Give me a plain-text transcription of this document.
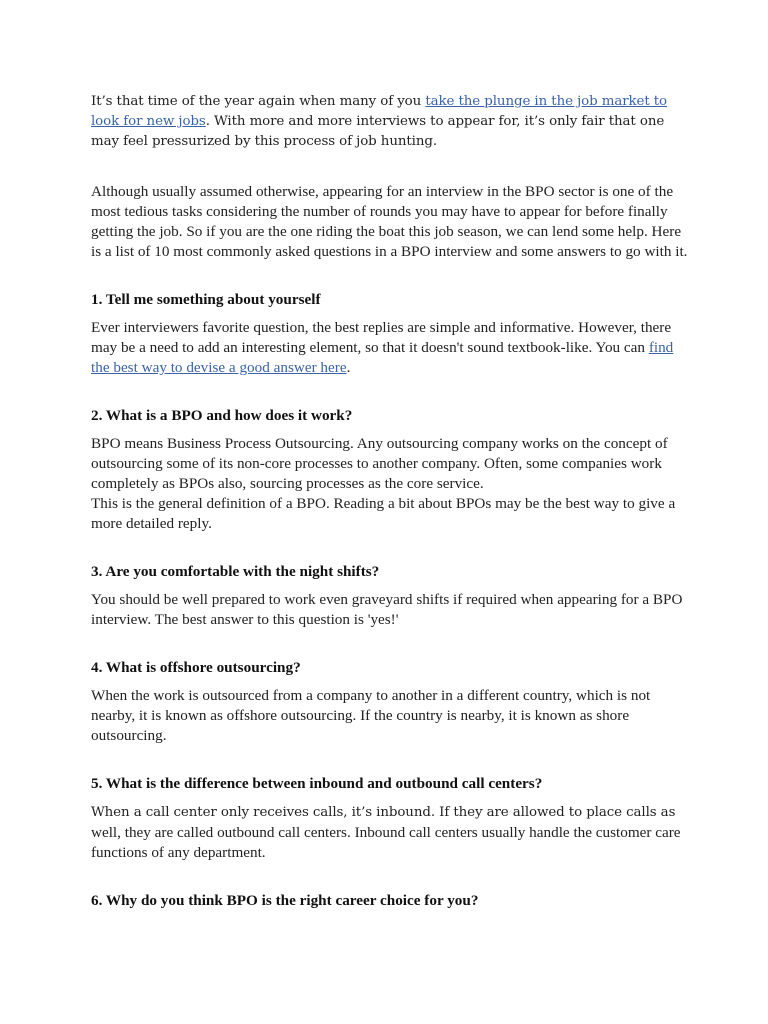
It’s that time of the year again when many of you take the plunge in the job market to look for new jobs. With more and more interviews to appear for, it’s only fair that one may feel pressurized by this process of job hunting.

Although usually assumed otherwise, appearing for an interview in the BPO sector is one of the most tedious tasks considering the number of rounds you may have to appear for before finally getting the job. So if you are the one riding the boat this job season, we can lend some help. Here is a list of 10 most commonly asked questions in a BPO interview and some answers to go with it.

1. Tell me something about yourself

Ever interviewers favorite question, the best replies are simple and informative. However, there may be a need to add an interesting element, so that it doesn't sound textbook-like. You can find the best way to devise a good answer here.

2. What is a BPO and how does it work?

BPO means Business Process Outsourcing. Any outsourcing company works on the concept of outsourcing some of its non-core processes to another company. Often, some companies work completely as BPOs also, sourcing processes as the core service.

This is the general definition of a BPO. Reading a bit about BPOs may be the best way to give a more detailed reply.

3. Are you comfortable with the night shifts?

You should be well prepared to work even graveyard shifts if required when appearing for a BPO interview. The best answer to this question is 'yes!'

4. What is offshore outsourcing?

When the work is outsourced from a company to another in a different country, which is not nearby, it is known as offshore outsourcing. If the country is nearby, it is known as shore outsourcing.

5. What is the difference between inbound and outbound call centers?

When a call center only receives calls, it’s inbound. If they are allowed to place calls as well, they are called outbound call centers. Inbound call centers usually handle the customer care functions of any department.

6. Why do you think BPO is the right career choice for you?
